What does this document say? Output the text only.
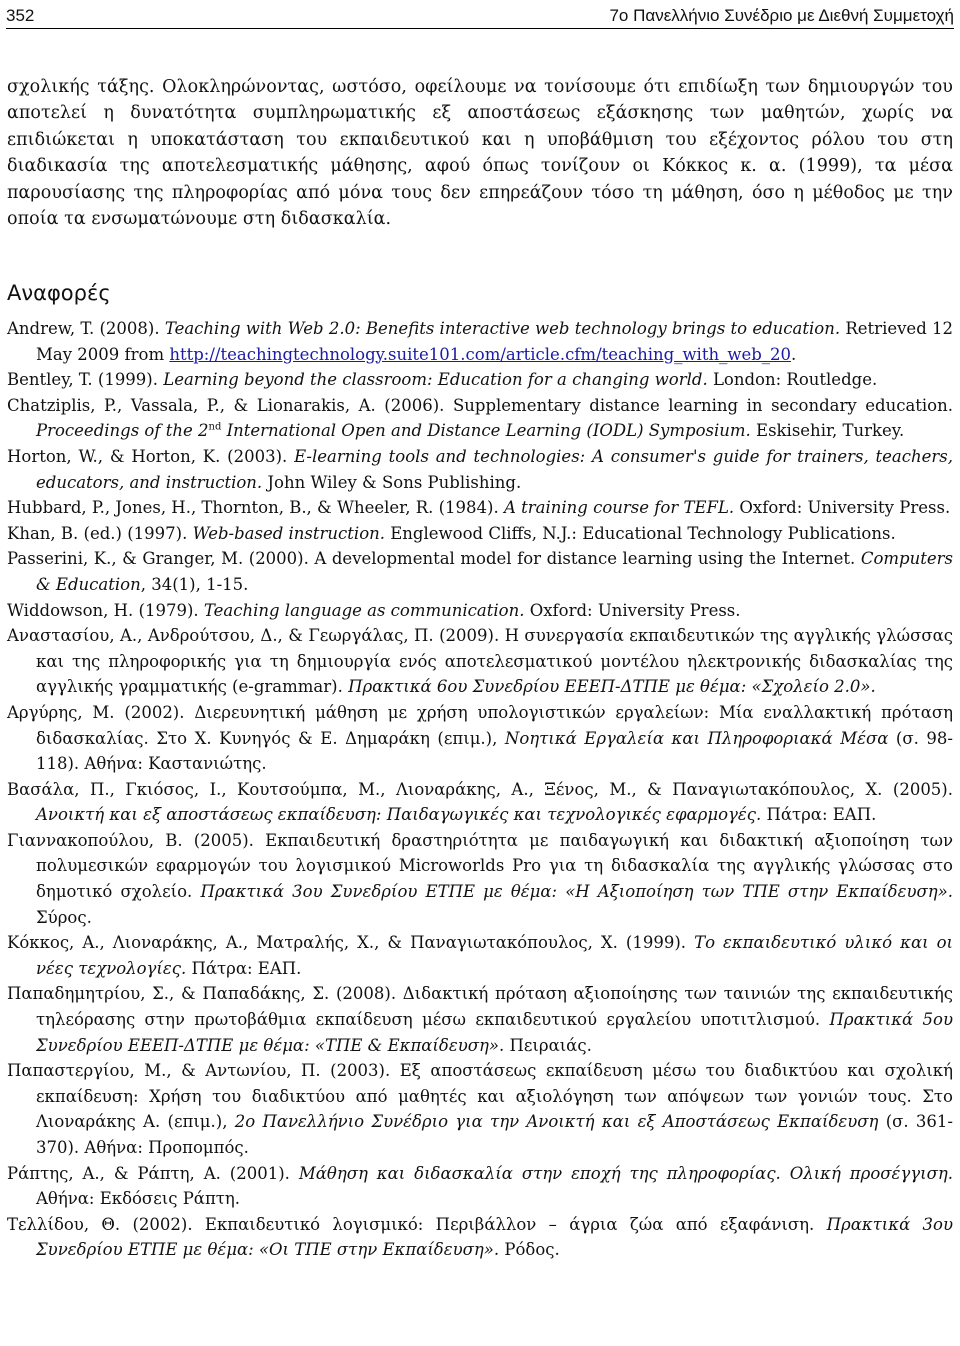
352	7ο Πανελλήνιο Συνέδριο με Διεθνή Συμμετοχή

σχολικής τάξης. Ολοκληρώνοντας, ωστόσο, οφείλουμε να τονίσουμε ότι επιδίωξη των δημιουργών του αποτελεί η δυνατότητα συμπληρωματικής εξ αποστάσεως εξάσκησης των μαθητών, χωρίς να επιδιώκεται η υποκατάσταση του εκπαιδευτικού και η υποβάθμιση του εξέχοντος ρόλου του στη διαδικασία της αποτελεσματικής μάθησης, αφού όπως τονίζουν οι Κόκκος κ. α. (1999), τα μέσα παρουσίασης της πληροφορίας από μόνα τους δεν επηρεάζουν τόσο τη μάθηση, όσο η μέθοδος με την οποία τα ενσωματώνουμε στη διδασκαλία.

Αναφορές

Andrew, T. (2008). Teaching with Web 2.0: Benefits interactive web technology brings to education. Retrieved 12 May 2009 from http://teachingtechnology.suite101.com/article.cfm/teaching_with_web_20.

Bentley, T. (1999). Learning beyond the classroom: Education for a changing world. London: Routledge.

Chatziplis, P., Vassala, P., & Lionarakis, A. (2006). Supplementary distance learning in secondary education. Proceedings of the 2nd International Open and Distance Learning (IODL) Symposium. Eskisehir, Turkey.

Horton, W., & Horton, K. (2003). E-learning tools and technologies: A consumer's guide for trainers, teachers, educators, and instruction. John Wiley & Sons Publishing.

Hubbard, P., Jones, H., Thornton, B., & Wheeler, R. (1984). A training course for TEFL. Oxford: University Press.

Khan, B. (ed.) (1997). Web-based instruction. Englewood Cliffs, N.J.: Educational Technology Publications.

Passerini, K., & Granger, M. (2000). A developmental model for distance learning using the Internet. Computers & Education, 34(1), 1-15.

Widdowson, H. (1979). Teaching language as communication. Oxford: University Press.

Αναστασίου, Α., Ανδρούτσου, Δ., & Γεωργάλας, Π. (2009). Η συνεργασία εκπαιδευτικών της αγγλικής γλώσσας και της πληροφορικής για τη δημιουργία ενός αποτελεσματικού μοντέλου ηλεκτρονικής διδασκαλίας της αγγλικής γραμματικής (e-grammar). Πρακτικά 6ου Συνεδρίου ΕΕΕΠ-ΔΤΠΕ με θέμα: «Σχολείο 2.0».

Αργύρης, Μ. (2002). Διερευνητική μάθηση με χρήση υπολογιστικών εργαλείων: Μία εναλλακτική πρόταση διδασκαλίας. Στο Χ. Κυνηγός & Ε. Δημαράκη (επιμ.), Νοητικά Εργαλεία και Πληροφοριακά Μέσα (σ. 98-118). Αθήνα: Καστανιώτης.

Βασάλα, Π., Γκιόσος, Ι., Κουτσούμπα, Μ., Λιοναράκης, Α., Ξένος, Μ., & Παναγιωτακόπουλος, Χ. (2005). Ανοικτή και εξ αποστάσεως εκπαίδευση: Παιδαγωγικές και τεχνολογικές εφαρμογές. Πάτρα: ΕΑΠ.

Γιαννακοπούλου, Β. (2005). Εκπαιδευτική δραστηριότητα με παιδαγωγική και διδακτική αξιοποίηση των πολυμεσικών εφαρμογών του λογισμικού Microworlds Pro για τη διδασκαλία της αγγλικής γλώσσας στο δημοτικό σχολείο. Πρακτικά 3ου Συνεδρίου ΕΤΠΕ με θέμα: «Η Αξιοποίηση των ΤΠΕ στην Εκπαίδευση». Σύρος.

Κόκκος, Α., Λιοναράκης, Α., Ματραλής, Χ., & Παναγιωτακόπουλος, Χ. (1999). Το εκπαιδευτικό υλικό και οι νέες τεχνολογίες. Πάτρα: ΕΑΠ.

Παπαδημητρίου, Σ., & Παπαδάκης, Σ. (2008). Διδακτική πρόταση αξιοποίησης των ταινιών της εκπαιδευτικής τηλεόρασης στην πρωτοβάθμια εκπαίδευση μέσω εκπαιδευτικού εργαλείου υποτιτλισμού. Πρακτικά 5ου Συνεδρίου ΕΕΕΠ-ΔΤΠΕ με θέμα: «ΤΠΕ & Εκπαίδευση». Πειραιάς.

Παπαστεργίου, Μ., & Αντωνίου, Π. (2003). Εξ αποστάσεως εκπαίδευση μέσω του διαδικτύου και σχολική εκπαίδευση: Χρήση του διαδικτύου από μαθητές και αξιολόγηση των απόψεων των γονιών τους. Στο Λιοναράκης Α. (επιμ.), 2ο Πανελλήνιο Συνέδριο για την Ανοικτή και εξ Αποστάσεως Εκπαίδευση (σ. 361-370). Αθήνα: Προπομπός.

Ράπτης, Α., & Ράπτη, Α. (2001). Μάθηση και διδασκαλία στην εποχή της πληροφορίας. Ολική προσέγγιση. Αθήνα: Εκδόσεις Ράπτη.

Τελλίδου, Θ. (2002). Εκπαιδευτικό λογισμικό: Περιβάλλον – άγρια ζώα από εξαφάνιση. Πρακτικά 3ου Συνεδρίου ΕΤΠΕ με θέμα: «Οι ΤΠΕ στην Εκπαίδευση». Ρόδος.
